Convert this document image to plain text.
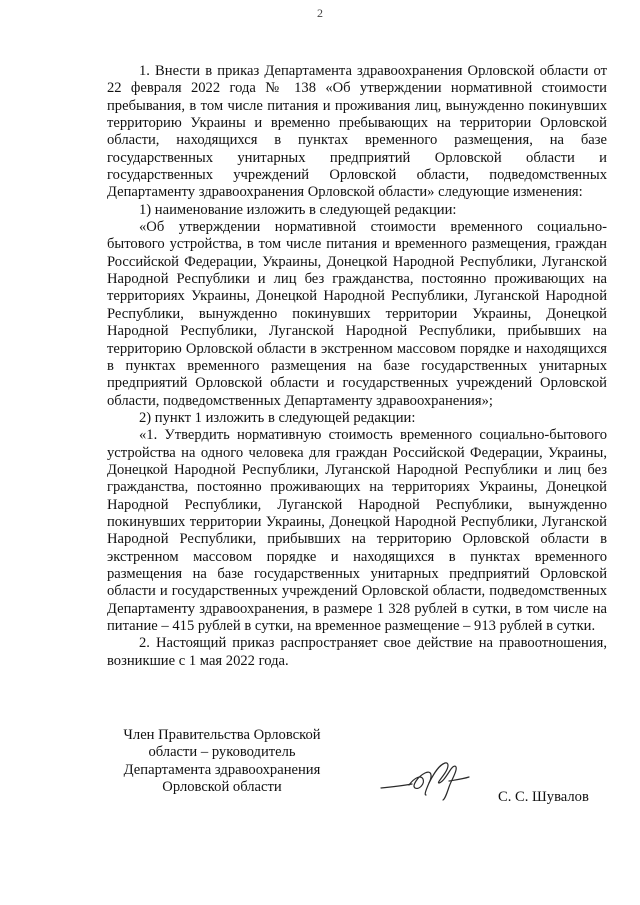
2

1. Внести в приказ Департамента здравоохранения Орловской области от 22 февраля 2022 года № 138 «Об утверждении нормативной стоимости пребывания, в том числе питания и проживания лиц, вынужденно покинувших территорию Украины и временно пребывающих на территории Орловской области, находящихся в пунктах временного размещения, на базе государственных унитарных предприятий Орловской области и государственных учреждений Орловской области, подведомственных Департаменту здравоохранения Орловской области» следующие изменения:

1) наименование изложить в следующей редакции:

«Об утверждении нормативной стоимости временного социально-бытового устройства, в том числе питания и временного размещения, граждан Российской Федерации, Украины, Донецкой Народной Республики, Луганской Народной Республики и лиц без гражданства, постоянно проживающих на территориях Украины, Донецкой Народной Республики, Луганской Народной Республики, вынужденно покинувших территории Украины, Донецкой Народной Республики, Луганской Народной Республики, прибывших на территорию Орловской области в экстренном массовом порядке и находящихся в пунктах временного размещения на базе государственных унитарных предприятий Орловской области и государственных учреждений Орловской области, подведомственных Департаменту здравоохранения»;

2) пункт 1 изложить в следующей редакции:

«1. Утвердить нормативную стоимость временного социально-бытового устройства на одного человека для граждан Российской Федерации, Украины, Донецкой Народной Республики, Луганской Народной Республики и лиц без гражданства, постоянно проживающих на территориях Украины, Донецкой Народной Республики, Луганской Народной Республики, вынужденно покинувших территории Украины, Донецкой Народной Республики, Луганской Народной Республики, прибывших на территорию Орловской области в экстренном массовом порядке и находящихся в пунктах временного размещения на базе государственных унитарных предприятий Орловской области и государственных учреждений Орловской области, подведомственных Департаменту здравоохранения, в размере 1 328 рублей в сутки, в том числе на питание – 415 рублей в сутки, на временное размещение – 913 рублей в сутки.

2. Настоящий приказ распространяет свое действие на правоотношения, возникшие с 1 мая 2022 года.

Член Правительства Орловской
области – руководитель
Департамента здравоохранения
Орловской области
С. С. Шувалов
